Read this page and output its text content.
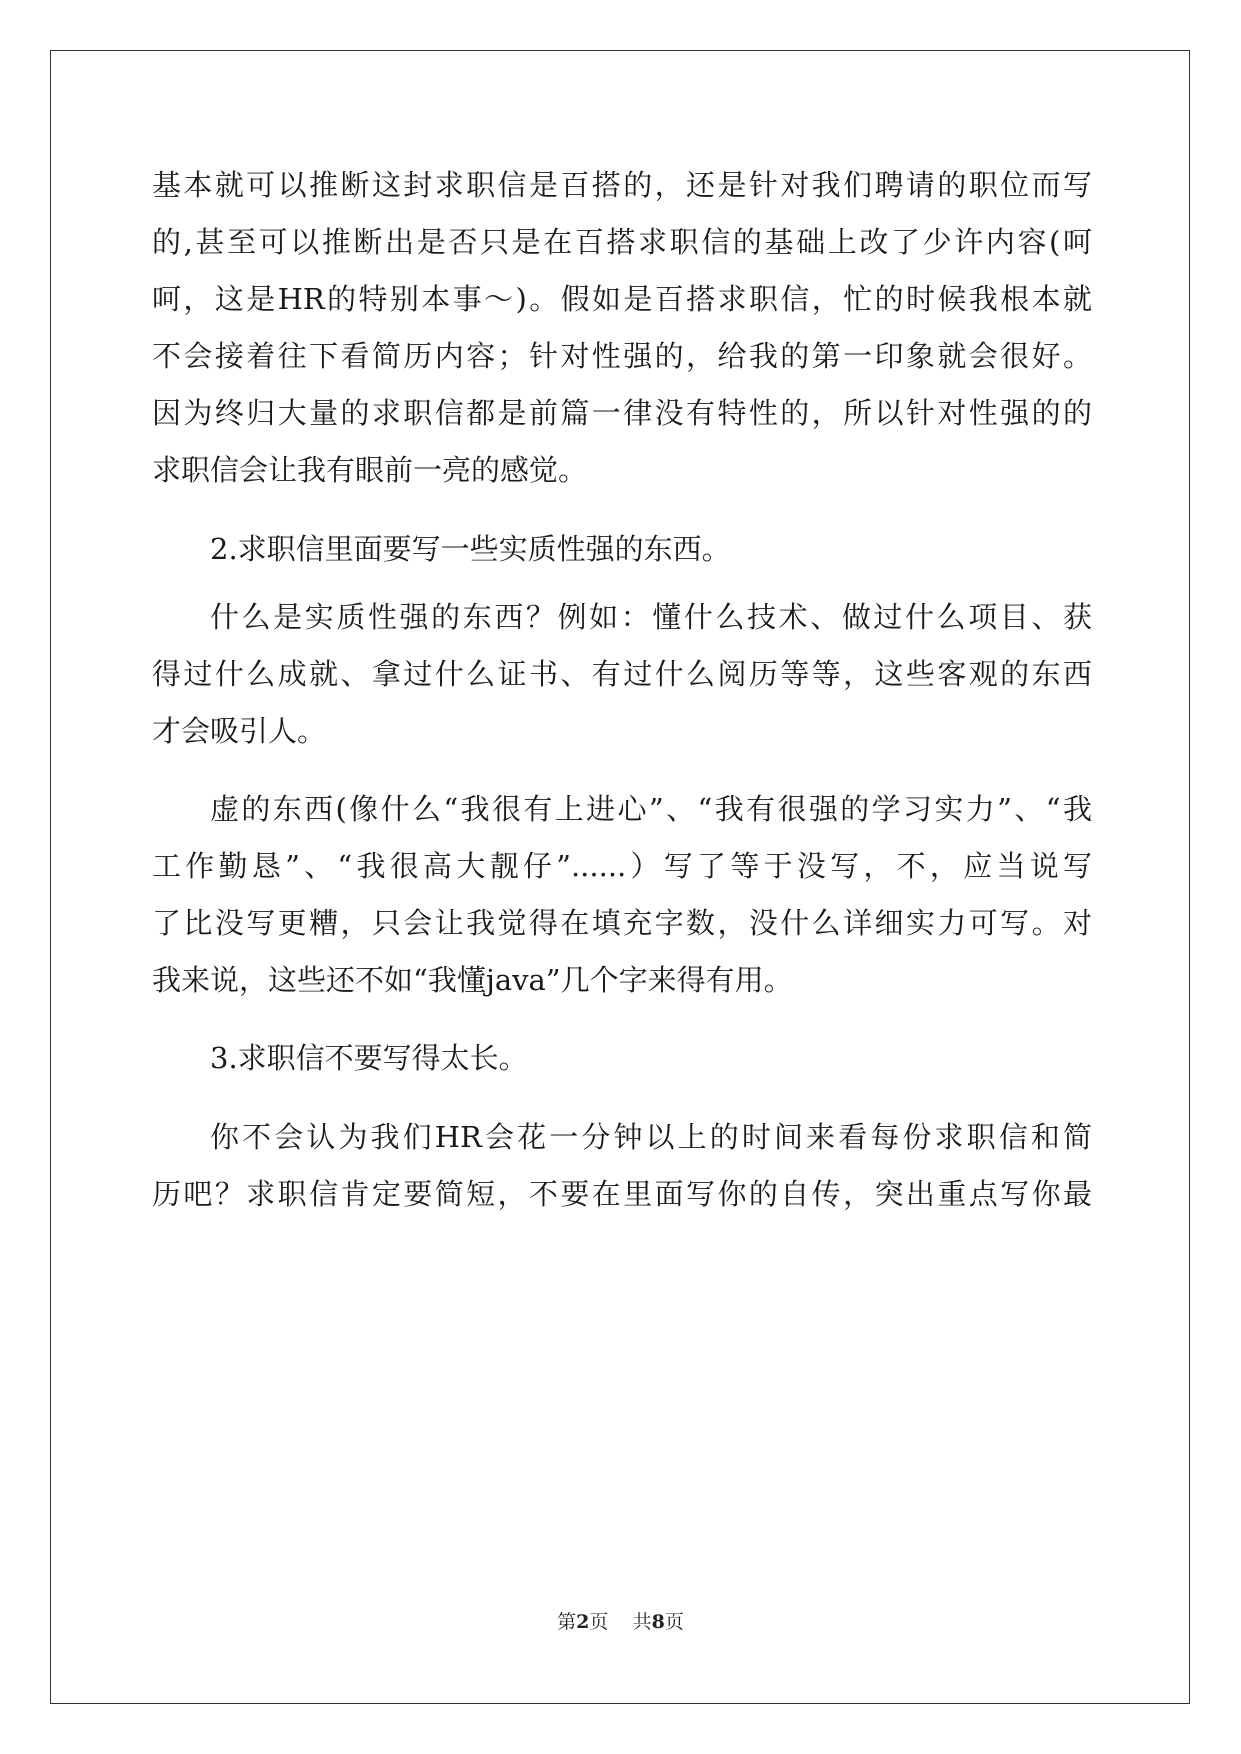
基本就可以推断这封求职信是百搭的，还是针对我们聘请的职位而写
的,甚至可以推断出是否只是在百搭求职信的基础上改了少许内容(呵
呵，这是HR的特别本事～)。假如是百搭求职信，忙的时候我根本就
不会接着往下看简历内容；针对性强的，给我的第一印象就会很好。
因为终归大量的求职信都是前篇一律没有特性的，所以针对性强的的
求职信会让我有眼前一亮的感觉。
2.求职信里面要写一些实质性强的东西。
什么是实质性强的东西？例如：懂什么技术、做过什么项目、获
得过什么成就、拿过什么证书、有过什么阅历等等，这些客观的东西
才会吸引人。
虚的东西(像什么“我很有上进心”、“我有很强的学习实力”、“我
工作勤恳”、“我很高大靓仔”......）写了等于没写，不，应当说写
了比没写更糟，只会让我觉得在填充字数，没什么详细实力可写。对
我来说，这些还不如“我懂java”几个字来得有用。
3.求职信不要写得太长。
你不会认为我们HR会花一分钟以上的时间来看每份求职信和简
历吧？求职信肯定要简短，不要在里面写你的自传，突出重点写你最
第2页    共8页
